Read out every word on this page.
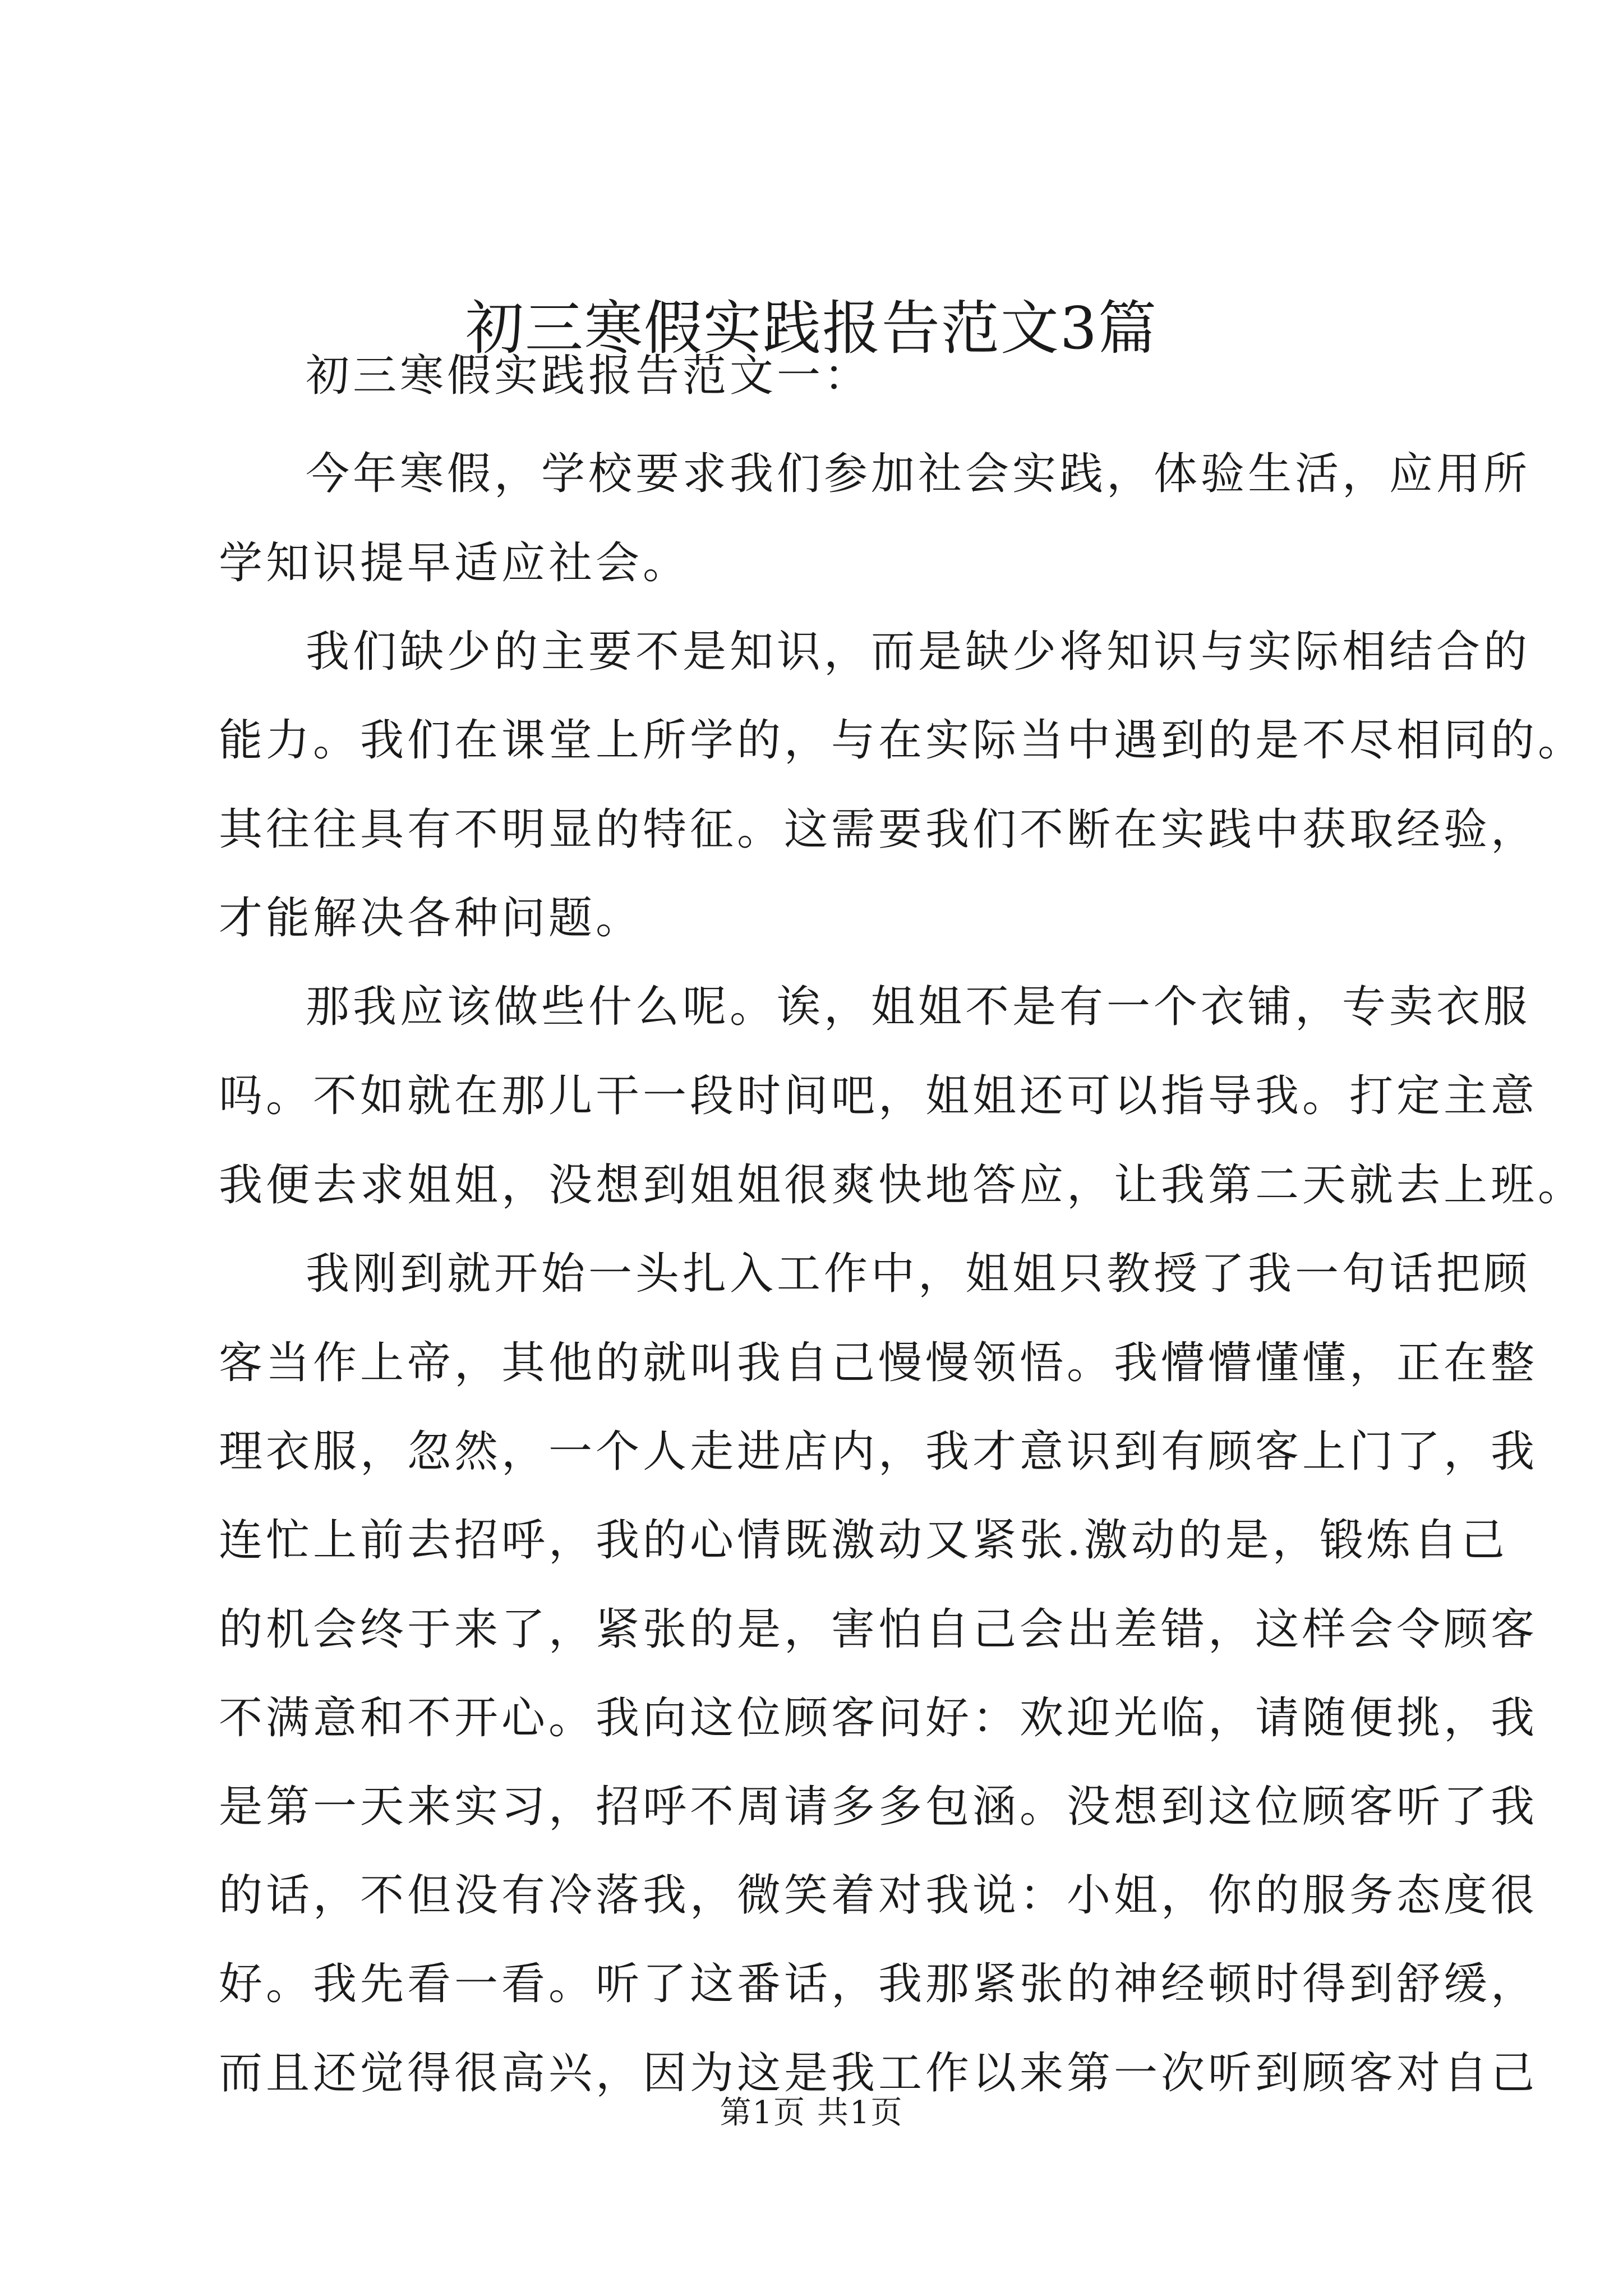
初三寒假实践报告范文3篇
初三寒假实践报告范文一：
今年寒假，学校要求我们参加社会实践，体验生活，应用所
学知识提早适应社会。
我们缺少的主要不是知识，而是缺少将知识与实际相结合的
能力。我们在课堂上所学的，与在实际当中遇到的是不尽相同的。
其往往具有不明显的特征。这需要我们不断在实践中获取经验，
才能解决各种问题。
那我应该做些什么呢。诶，姐姐不是有一个衣铺，专卖衣服
吗。不如就在那儿干一段时间吧，姐姐还可以指导我。打定主意
我便去求姐姐，没想到姐姐很爽快地答应，让我第二天就去上班。
我刚到就开始一头扎入工作中，姐姐只教授了我一句话把顾
客当作上帝，其他的就叫我自己慢慢领悟。我懵懵懂懂，正在整
理衣服，忽然，一个人走进店内，我才意识到有顾客上门了，我
连忙上前去招呼，我的心情既激动又紧张.激动的是，锻炼自己
的机会终于来了，紧张的是，害怕自己会出差错，这样会令顾客
不满意和不开心。我向这位顾客问好：欢迎光临，请随便挑，我
是第一天来实习，招呼不周请多多包涵。没想到这位顾客听了我
的话，不但没有冷落我，微笑着对我说：小姐，你的服务态度很
好。我先看一看。听了这番话，我那紧张的神经顿时得到舒缓，
而且还觉得很高兴，因为这是我工作以来第一次听到顾客对自己
第1页 共1页
